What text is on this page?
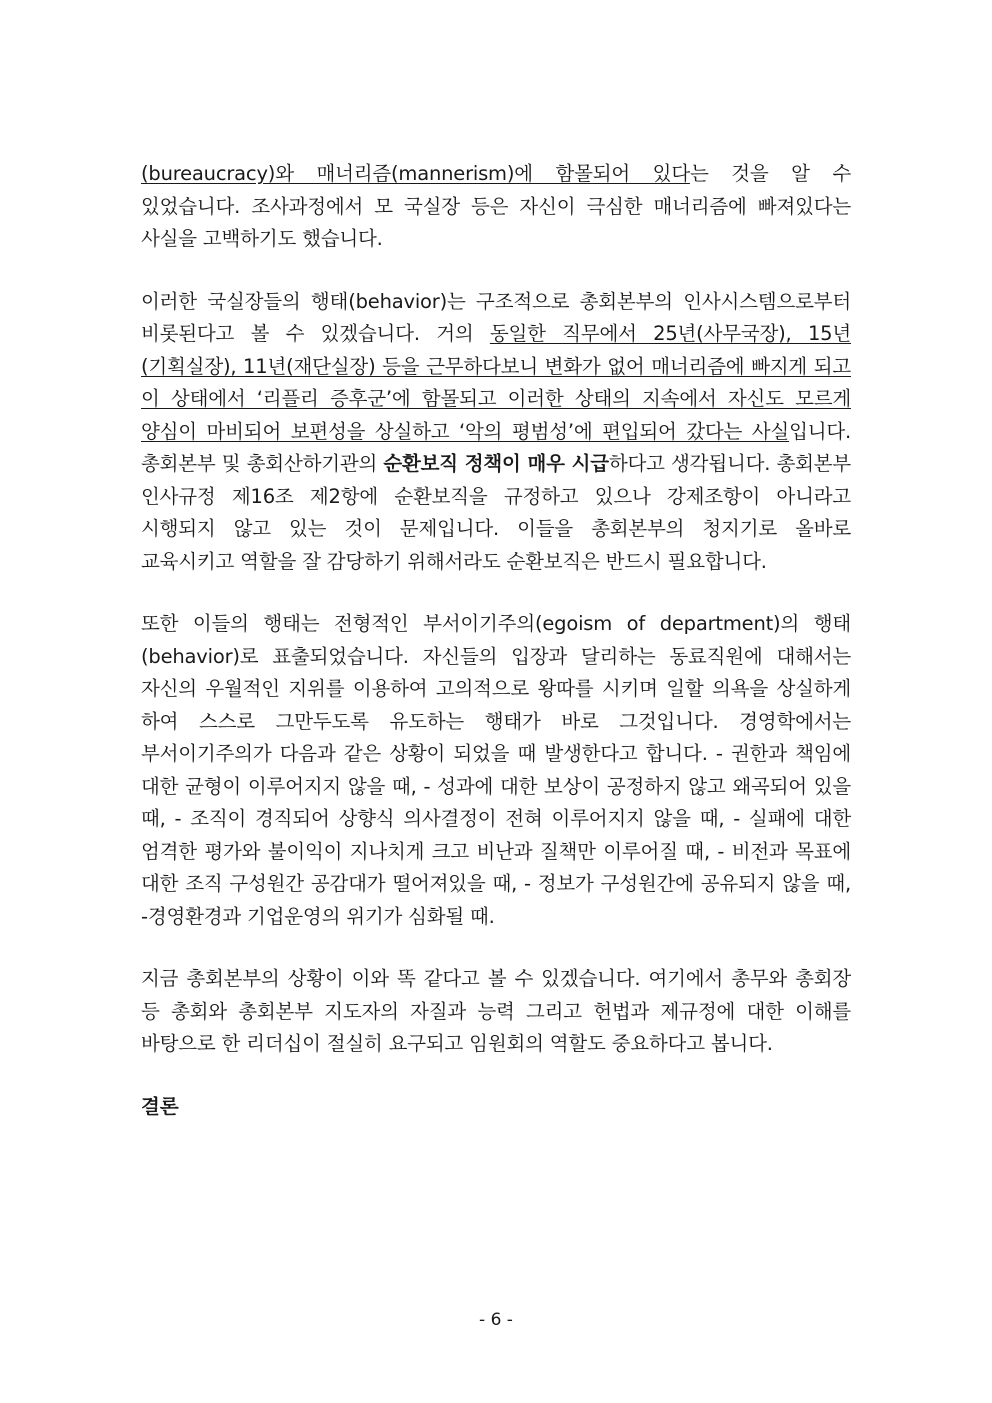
(bureaucracy)와 매너리즘(mannerism)에 함몰되어 있다는 것을 알 수 있었습니다. 조사과정에서 모 국실장 등은 자신이 극심한 매너리즘에 빠져있다는 사실을 고백하기도 했습니다.

이러한 국실장들의 행태(behavior)는 구조적으로 총회본부의 인사시스템으로부터 비롯된다고 볼 수 있겠습니다. 거의 동일한 직무에서 25년(사무국장), 15년(기획실장), 11년(재단실장) 등을 근무하다보니 변화가 없어 매너리즘에 빠지게 되고 이 상태에서 ‘리플리 증후군’에 함몰되고 이러한 상태의 지속에서 자신도 모르게 양심이 마비되어 보편성을 상실하고 ‘악의 평범성’에 편입되어 갔다는 사실입니다. 총회본부 및 총회산하기관의 순환보직 정책이 매우 시급하다고 생각됩니다. 총회본부 인사규정 제16조 제2항에 순환보직을 규정하고 있으나 강제조항이 아니라고 시행되지 않고 있는 것이 문제입니다. 이들을 총회본부의 청지기로 올바로 교육시키고 역할을 잘 감당하기 위해서라도 순환보직은 반드시 필요합니다.

또한 이들의 행태는 전형적인 부서이기주의(egoism of department)의 행태(behavior)로 표출되었습니다. 자신들의 입장과 달리하는 동료직원에 대해서는 자신의 우월적인 지위를 이용하여 고의적으로 왕따를 시키며 일할 의욕을 상실하게 하여 스스로 그만두도록 유도하는 행태가 바로 그것입니다. 경영학에서는 부서이기주의가 다음과 같은 상황이 되었을 때 발생한다고 합니다. - 권한과 책임에 대한 균형이 이루어지지 않을 때, - 성과에 대한 보상이 공정하지 않고 왜곡되어 있을 때, - 조직이 경직되어 상향식 의사결정이 전혀 이루어지지 않을 때, - 실패에 대한 엄격한 평가와 불이익이 지나치게 크고 비난과 질책만 이루어질 때, - 비전과 목표에 대한 조직 구성원간 공감대가 떨어져있을 때, - 정보가 구성원간에 공유되지 않을 때, -경영환경과 기업운영의 위기가 심화될 때.

지금 총회본부의 상황이 이와 똑 같다고 볼 수 있겠습니다. 여기에서 총무와 총회장 등 총회와 총회본부 지도자의 자질과 능력 그리고 헌법과 제규정에 대한 이해를 바탕으로 한 리더십이 절실히 요구되고 임원회의 역할도 중요하다고 봅니다.

결론
- 6 -
